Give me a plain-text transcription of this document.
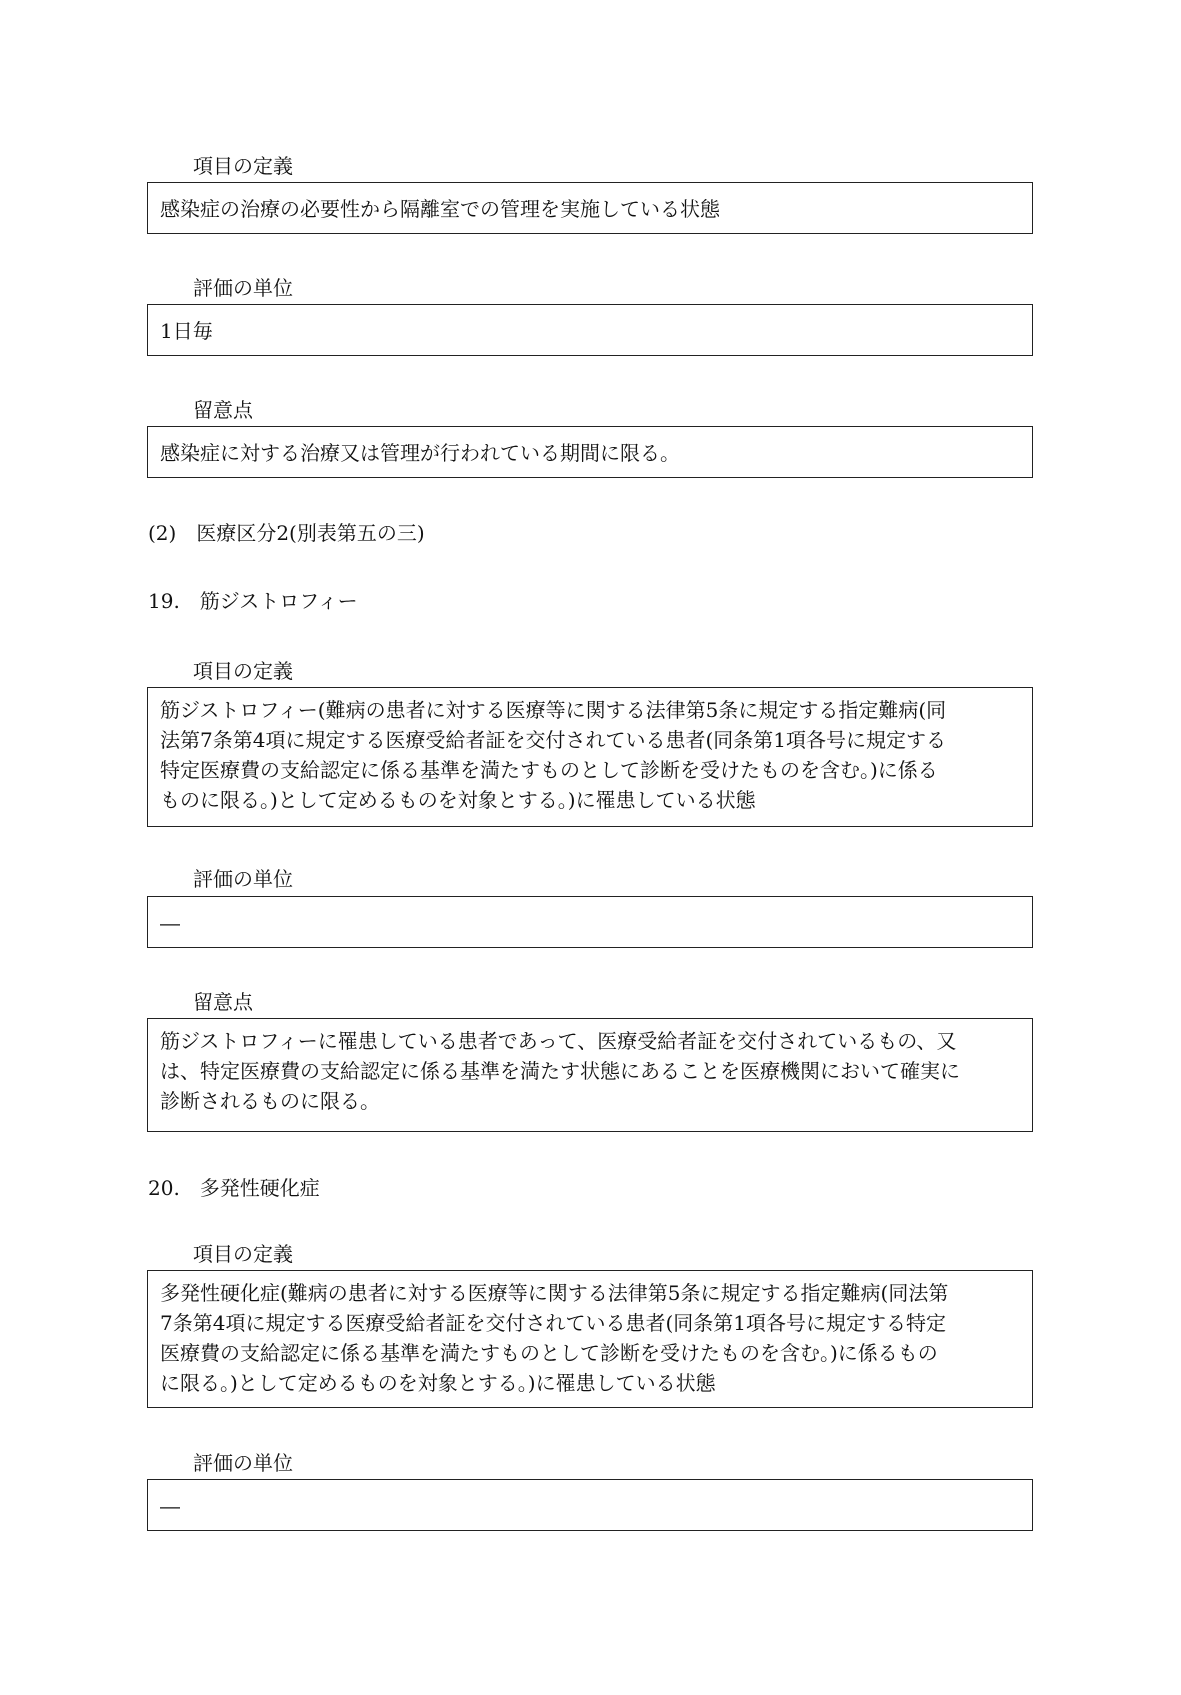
項目の定義
感染症の治療の必要性から隔離室での管理を実施している状態
評価の単位
1日毎
留意点
感染症に対する治療又は管理が行われている期間に限る。
(2)　医療区分2(別表第五の三)
19.　筋ジストロフィー
項目の定義
筋ジストロフィー(難病の患者に対する医療等に関する法律第5条に規定する指定難病(同
法第7条第4項に規定する医療受給者証を交付されている患者(同条第1項各号に規定する
特定医療費の支給認定に係る基準を満たすものとして診断を受けたものを含む。)に係る
ものに限る。)として定めるものを対象とする。)に罹患している状態
評価の単位
―
留意点
筋ジストロフィーに罹患している患者であって、医療受給者証を交付されているもの、又
は、特定医療費の支給認定に係る基準を満たす状態にあることを医療機関において確実に
診断されるものに限る。
20.　多発性硬化症
項目の定義
多発性硬化症(難病の患者に対する医療等に関する法律第5条に規定する指定難病(同法第
7条第4項に規定する医療受給者証を交付されている患者(同条第1項各号に規定する特定
医療費の支給認定に係る基準を満たすものとして診断を受けたものを含む。)に係るもの
に限る。)として定めるものを対象とする。)に罹患している状態
評価の単位
―
